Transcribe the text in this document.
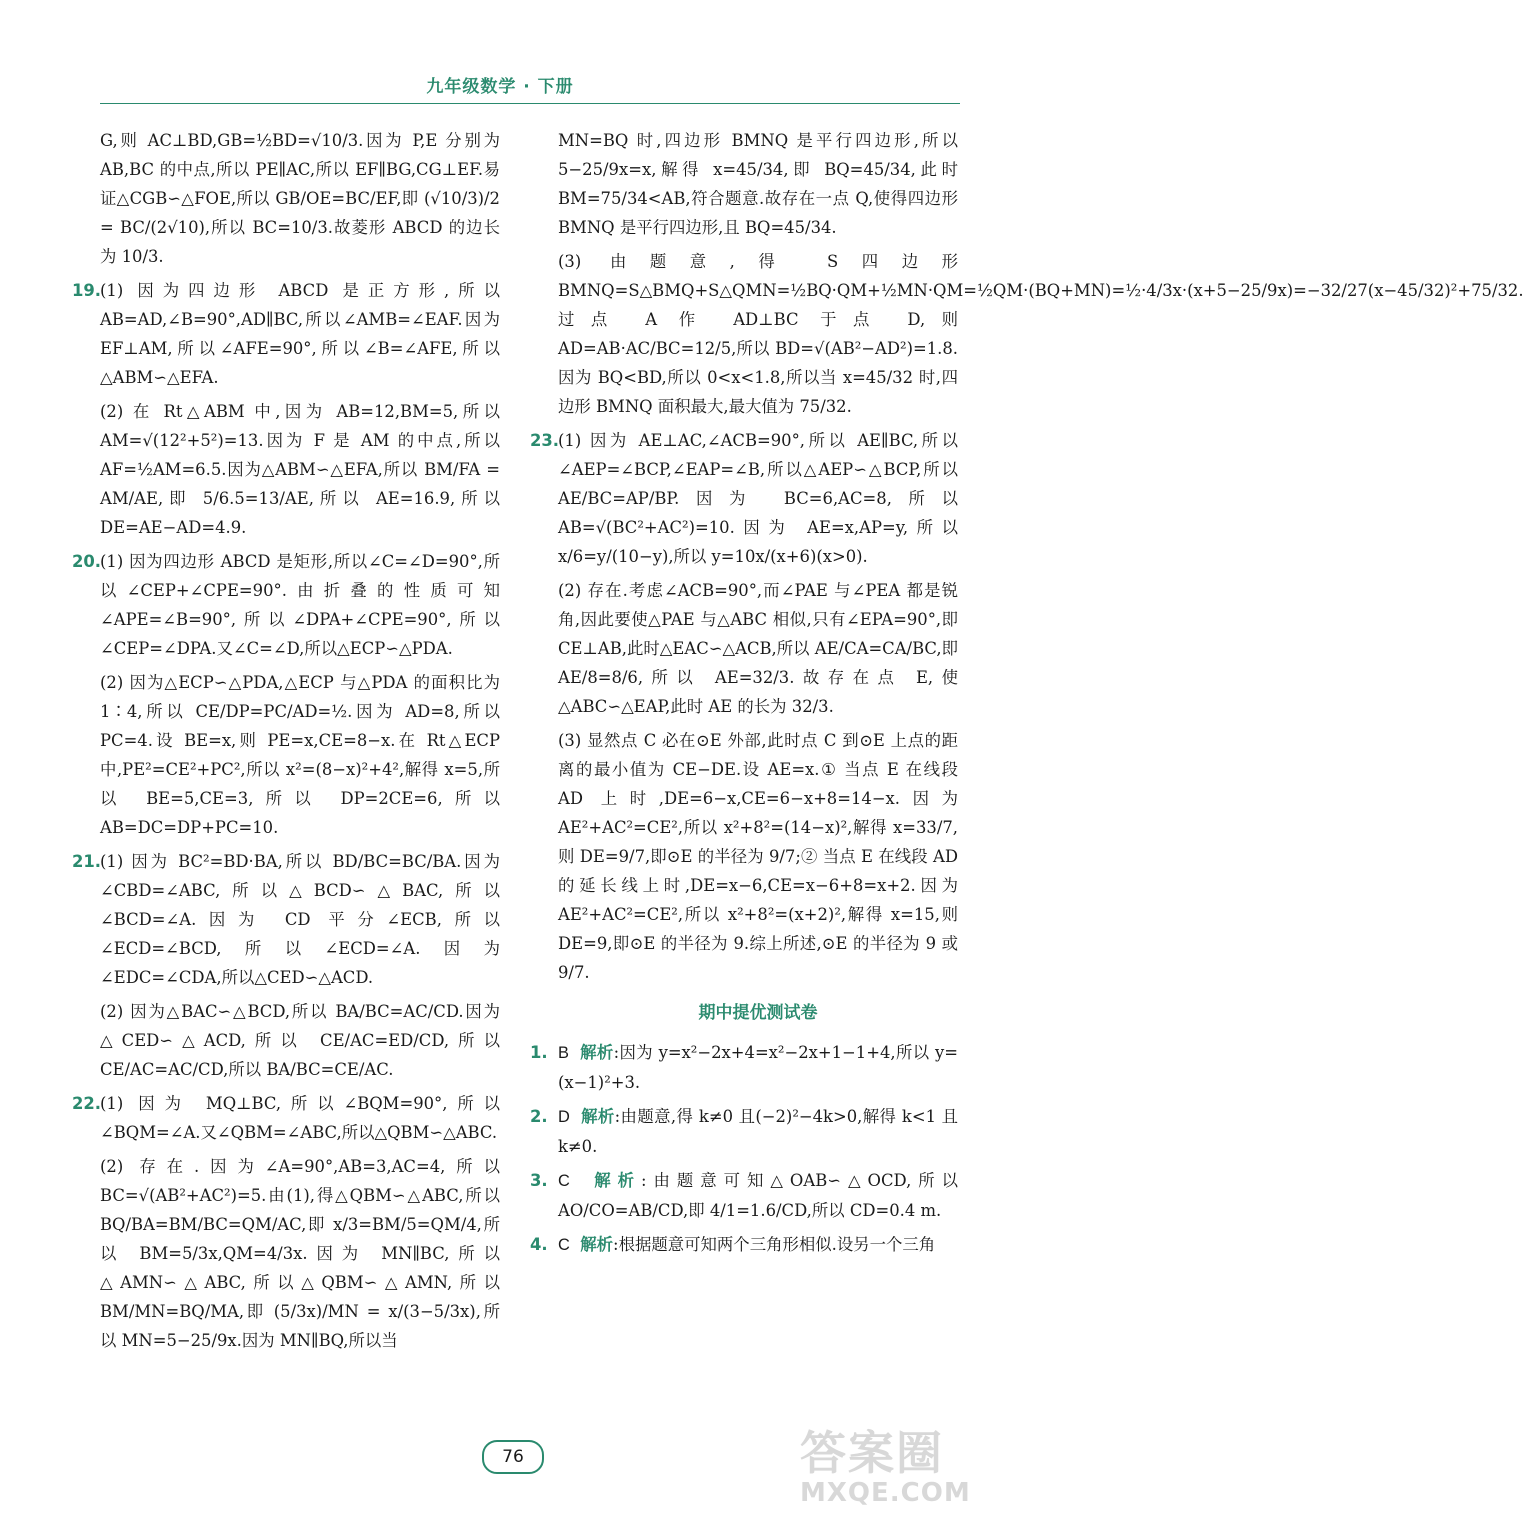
九年级数学 · 下册

G,则 AC⊥BD,GB=½BD=√10/3.因为 P,E 分别为 AB,BC 的中点,所以 PE∥AC,所以 EF∥BG,CG⊥EF.易证△CGB∽△FOE,所以 GB/OE=BC/EF,即 (√10/3)/2 = BC/(2√10),所以 BC=10/3.故菱形 ABCD 的边长为 10/3.

19.(1) 因为四边形 ABCD 是正方形,所以 AB=AD,∠B=90°,AD∥BC,所以∠AMB=∠EAF.因为 EF⊥AM,所以∠AFE=90°,所以∠B=∠AFE,所以△ABM∽△EFA.

(2) 在 Rt△ABM 中,因为 AB=12,BM=5,所以 AM=√(12²+5²)=13.因为 F 是 AM 的中点,所以 AF=½AM=6.5.因为△ABM∽△EFA,所以 BM/FA = AM/AE,即 5/6.5=13/AE,所以 AE=16.9,所以 DE=AE−AD=4.9.

20.(1) 因为四边形 ABCD 是矩形,所以∠C=∠D=90°,所以∠CEP+∠CPE=90°.由折叠的性质可知∠APE=∠B=90°,所以∠DPA+∠CPE=90°,所以∠CEP=∠DPA.又∠C=∠D,所以△ECP∽△PDA.

(2) 因为△ECP∽△PDA,△ECP 与△PDA 的面积比为 1∶4,所以 CE/DP=PC/AD=½.因为 AD=8,所以 PC=4.设 BE=x,则 PE=x,CE=8−x.在 Rt△ECP 中,PE²=CE²+PC²,所以 x²=(8−x)²+4²,解得 x=5,所以 BE=5,CE=3,所以 DP=2CE=6,所以 AB=DC=DP+PC=10.

21.(1) 因为 BC²=BD·BA,所以 BD/BC=BC/BA.因为∠CBD=∠ABC,所以△BCD∽△BAC,所以∠BCD=∠A.因为 CD 平分∠ECB,所以∠ECD=∠BCD,所以∠ECD=∠A.因为∠EDC=∠CDA,所以△CED∽△ACD.

(2) 因为△BAC∽△BCD,所以 BA/BC=AC/CD.因为△CED∽△ACD,所以 CE/AC=ED/CD,所以 CE/AC=AC/CD,所以 BA/BC=CE/AC.

22.(1) 因为 MQ⊥BC,所以∠BQM=90°,所以∠BQM=∠A.又∠QBM=∠ABC,所以△QBM∽△ABC.

(2) 存在.因为∠A=90°,AB=3,AC=4,所以 BC=√(AB²+AC²)=5.由(1),得△QBM∽△ABC,所以 BQ/BA=BM/BC=QM/AC,即 x/3=BM/5=QM/4,所以 BM=5/3x,QM=4/3x.因为 MN∥BC,所以△AMN∽△ABC,所以△QBM∽△AMN,所以 BM/MN=BQ/MA,即 (5/3x)/MN = x/(3−5/3x),所以 MN=5−25/9x.因为 MN∥BQ,所以当

MN=BQ 时,四边形 BMNQ 是平行四边形,所以 5−25/9x=x,解得 x=45/34,即 BQ=45/34,此时 BM=75/34<AB,符合题意.故存在一点 Q,使得四边形 BMNQ 是平行四边形,且 BQ=45/34.

(3) 由题意,得 S四边形BMNQ=S△BMQ+S△QMN=½BQ·QM+½MN·QM=½QM·(BQ+MN)=½·4/3x·(x+5−25/9x)=−32/27(x−45/32)²+75/32.过点 A 作 AD⊥BC 于点 D,则 AD=AB·AC/BC=12/5,所以 BD=√(AB²−AD²)=1.8.因为 BQ<BD,所以 0<x<1.8,所以当 x=45/32 时,四边形 BMNQ 面积最大,最大值为 75/32.

23.(1) 因为 AE⊥AC,∠ACB=90°,所以 AE∥BC,所以∠AEP=∠BCP,∠EAP=∠B,所以△AEP∽△BCP,所以 AE/BC=AP/BP.因为 BC=6,AC=8,所以 AB=√(BC²+AC²)=10.因为 AE=x,AP=y,所以 x/6=y/(10−y),所以 y=10x/(x+6)(x>0).

(2) 存在.考虑∠ACB=90°,而∠PAE 与∠PEA 都是锐角,因此要使△PAE 与△ABC 相似,只有∠EPA=90°,即 CE⊥AB,此时△EAC∽△ACB,所以 AE/CA=CA/BC,即 AE/8=8/6,所以 AE=32/3.故存在点 E,使△ABC∽△EAP,此时 AE 的长为 32/3.

(3) 显然点 C 必在⊙E 外部,此时点 C 到⊙E 上点的距离的最小值为 CE−DE.设 AE=x.① 当点 E 在线段 AD 上时,DE=6−x,CE=6−x+8=14−x.因为 AE²+AC²=CE²,所以 x²+8²=(14−x)²,解得 x=33/7,则 DE=9/7,即⊙E 的半径为 9/7;② 当点 E 在线段 AD 的延长线上时,DE=x−6,CE=x−6+8=x+2.因为 AE²+AC²=CE²,所以 x²+8²=(x+2)²,解得 x=15,则 DE=9,即⊙E 的半径为 9.综上所述,⊙E 的半径为 9 或 9/7.

期中提优测试卷

1. B 解析:因为 y=x²−2x+4=x²−2x+1−1+4,所以 y=(x−1)²+3.

2. D 解析:由题意,得 k≠0 且(−2)²−4k>0,解得 k<1 且 k≠0.

3. C 解析:由题意可知△OAB∽△OCD,所以 AO/CO=AB/CD,即 4/1=1.6/CD,所以 CD=0.4 m.

4. C 解析:根据题意可知两个三角形相似.设另一个三角

76	答案圈
MXQE.COM
